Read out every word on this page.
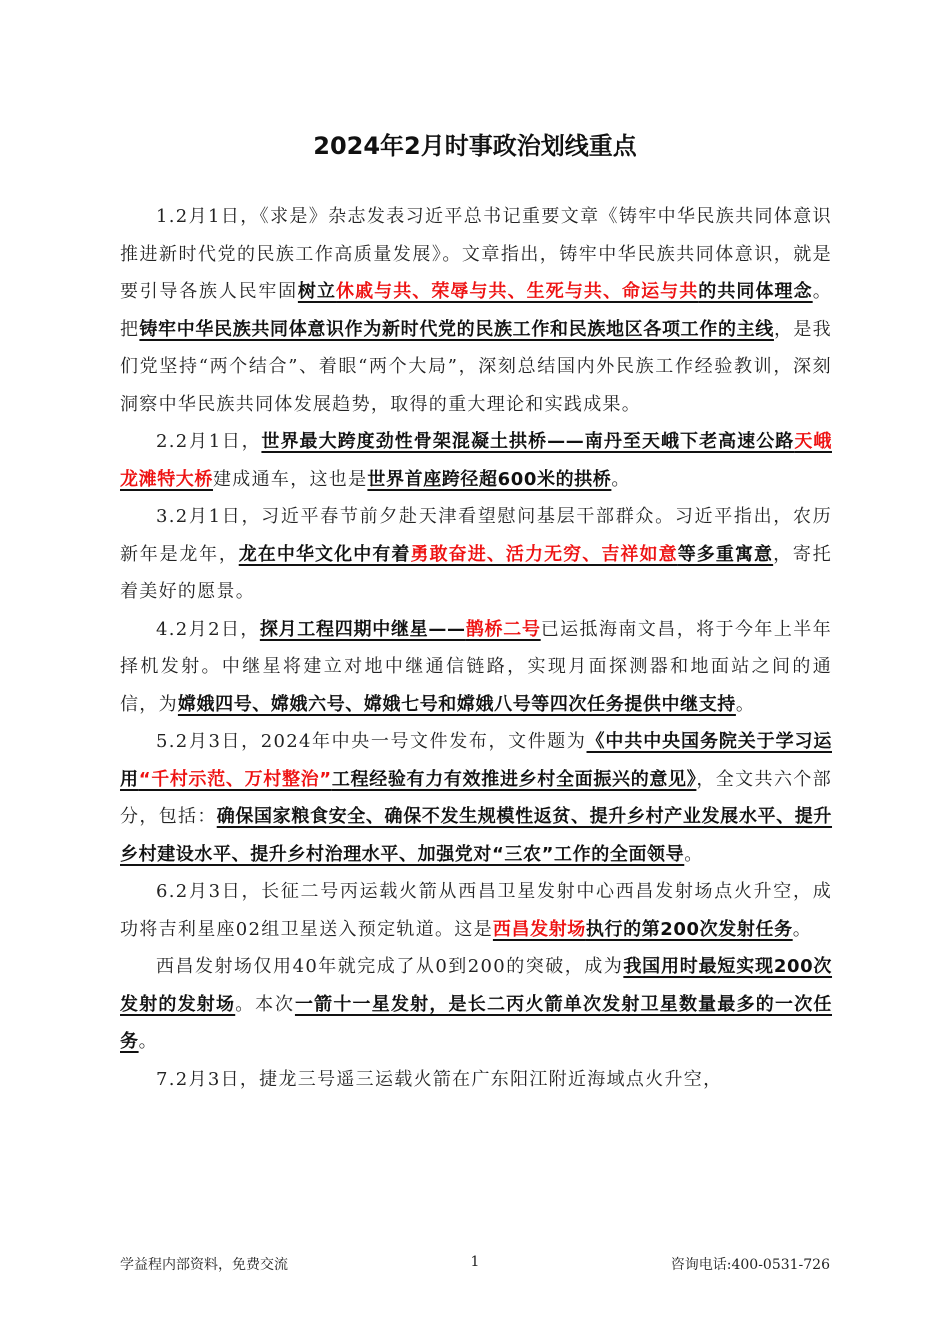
2024年2月时事政治划线重点

1.2月1日，《求是》杂志发表习近平总书记重要文章《铸牢中华民族共同体意识推进新时代党的民族工作高质量发展》。文章指出，铸牢中华民族共同体意识，就是要引导各族人民牢固树立休戚与共、荣辱与共、生死与共、命运与共的共同体理念。把铸牢中华民族共同体意识作为新时代党的民族工作和民族地区各项工作的主线，是我们党坚持“两个结合”、着眼“两个大局”，深刻总结国内外民族工作经验教训，深刻洞察中华民族共同体发展趋势，取得的重大理论和实践成果。

2.2月1日，世界最大跨度劲性骨架混凝土拱桥——南丹至天峨下老高速公路天峨龙滩特大桥建成通车，这也是世界首座跨径超600米的拱桥。

3.2月1日，习近平春节前夕赴天津看望慰问基层干部群众。习近平指出，农历新年是龙年，龙在中华文化中有着勇敢奋进、活力无穷、吉祥如意等多重寓意，寄托着美好的愿景。

4.2月2日，探月工程四期中继星——鹊桥二号已运抵海南文昌，将于今年上半年择机发射。中继星将建立对地中继通信链路，实现月面探测器和地面站之间的通信，为嫦娥四号、嫦娥六号、嫦娥七号和嫦娥八号等四次任务提供中继支持。

5.2月3日，2024年中央一号文件发布，文件题为《中共中央国务院关于学习运用“千村示范、万村整治”工程经验有力有效推进乡村全面振兴的意见》，全文共六个部分，包括：确保国家粮食安全、确保不发生规模性返贫、提升乡村产业发展水平、提升乡村建设水平、提升乡村治理水平、加强党对“三农”工作的全面领导。

6.2月3日，长征二号丙运载火箭从西昌卫星发射中心西昌发射场点火升空，成功将吉利星座02组卫星送入预定轨道。这是西昌发射场执行的第200次发射任务。

西昌发射场仅用40年就完成了从0到200的突破，成为我国用时最短实现200次发射的发射场。本次一箭十一星发射，是长二丙火箭单次发射卫星数量最多的一次任务。

7.2月3日，捷龙三号遥三运载火箭在广东阳江附近海域点火升空，

学益程内部资料，免费交流	1	咨询电话:400-0531-726
